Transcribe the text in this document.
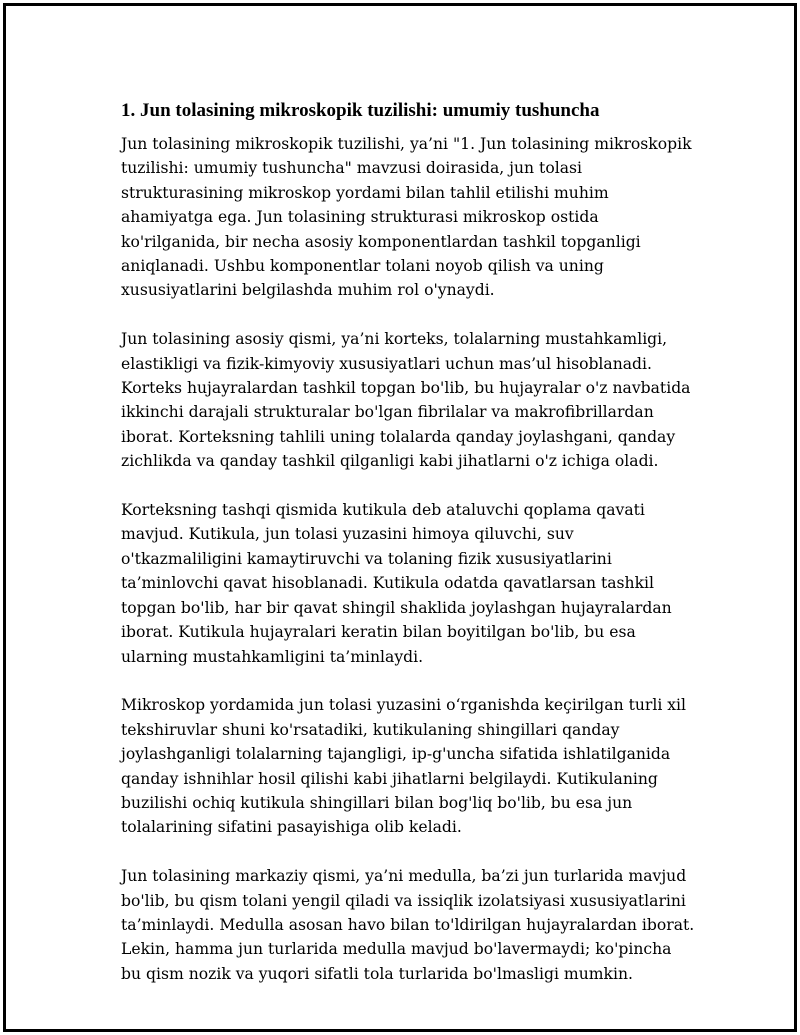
1. Jun tolasining mikroskopik tuzilishi: umumiy tushuncha

Jun tolasining mikroskopik tuzilishi, ya’ni "1. Jun tolasining mikroskopik tuzilishi: umumiy tushuncha" mavzusi doirasida, jun tolasi strukturasining mikroskop yordami bilan tahlil etilishi muhim ahamiyatga ega. Jun tolasining strukturasi mikroskop ostida ko'rilganida, bir necha asosiy komponentlardan tashkil topganligi aniqlanadi. Ushbu komponentlar tolani noyob qilish va uning xususiyatlarini belgilashda muhim rol o'ynaydi.

Jun tolasining asosiy qismi, ya’ni korteks, tolalarning mustahkamligi, elastikligi va fizik-kimyoviy xususiyatlari uchun mas’ul hisoblanadi. Korteks hujayralardan tashkil topgan bo'lib, bu hujayralar o'z navbatida ikkinchi darajali strukturalar bo'lgan fibrilalar va makrofibrillardan iborat. Korteksning tahlili uning tolalarda qanday joylashgani, qanday zichlikda va qanday tashkil qilganligi kabi jihatlarni o'z ichiga oladi.

Korteksning tashqi qismida kutikula deb ataluvchi qoplama qavati mavjud. Kutikula, jun tolasi yuzasini himoya qiluvchi, suv o'tkazmaliligini kamaytiruvchi va tolaning fizik xususiyatlarini ta’minlovchi qavat hisoblanadi. Kutikula odatda qavatlarsan tashkil topgan bo'lib, har bir qavat shingil shaklida joylashgan hujayralardan iborat. Kutikula hujayralari keratin bilan boyitilgan bo'lib, bu esa ularning mustahkamligini ta’minlaydi.

Mikroskop yordamida jun tolasi yuzasini o‘rganishda keçirilgan turli xil tekshiruvlar shuni ko'rsatadiki, kutikulaning shingillari qanday joylashganligi tolalarning tajangligi, ip-g'uncha sifatida ishlatilganida qanday ishnihlar hosil qilishi kabi jihatlarni belgilaydi. Kutikulaning buzilishi ochiq kutikula shingillari bilan bog'liq bo'lib, bu esa jun tolalarining sifatini pasayishiga olib keladi.

Jun tolasining markaziy qismi, ya’ni medulla, ba’zi jun turlarida mavjud bo'lib, bu qism tolani yengil qiladi va issiqlik izolatsiyasi xususiyatlarini ta’minlaydi. Medulla asosan havo bilan to'ldirilgan hujayralardan iborat. Lekin, hamma jun turlarida medulla mavjud bo'lavermaydi; ko'pincha bu qism nozik va yuqori sifatli tola turlarida bo'lmasligi mumkin.
